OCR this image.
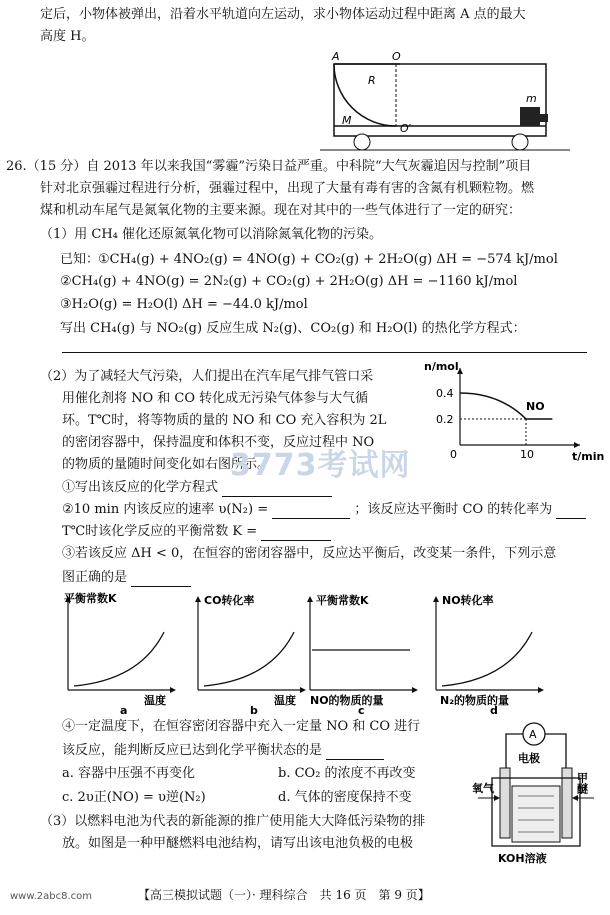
定后，小物体被弹出，沿着水平轨道向左运动，求小物体运动过程中距离 A 点的最大
高度 H。
A	O
R
M
O′
m
26.（15 分）自 2013 年以来我国“雾霾”污染日益严重。中科院“大气灰霾追因与控制”项目
针对北京强霾过程进行分析，强霾过程中，出现了大量有毒有害的含氮有机颗粒物。燃
煤和机动车尾气是氮氧化物的主要来源。现在对其中的一些气体进行了一定的研究：
（1）用 CH₄ 催化还原氮氧化物可以消除氮氧化物的污染。
已知：
①CH₄(g) + 4NO₂(g) = 4NO(g) + CO₂(g) + 2H₂O(g) ΔH = −574 kJ/mol
②CH₄(g) + 4NO(g) = 2N₂(g) + CO₂(g) + 2H₂O(g) ΔH = −1160 kJ/mol
③H₂O(g) = H₂O(l) ΔH = −44.0 kJ/mol
写出 CH₄(g) 与 NO₂(g) 反应生成 N₂(g)、CO₂(g) 和 H₂O(l) 的热化学方程式：
（2）为了减轻大气污染，人们提出在汽车尾气排气管口采
用催化剂将 NO 和 CO 转化成无污染气体参与大气循
环。T℃时，将等物质的量的 NO 和 CO 充入容积为 2L
的密闭容器中，保持温度和体积不变，反应过程中 NO
的物质的量随时间变化如右图所示。
n/mol
t/min
0
0.4
0.2
10
NO
3773考试网
①写出该反应的化学方程式
②10 min 内该反应的速率 υ(N₂) =	；该反应达平衡时 CO 的转化率为
T℃时该化学反应的平衡常数 K =
③若该反应 ΔH < 0，在恒容的密闭容器中，反应达平衡后，改变某一条件，下列示意
图正确的是
平衡常数K
温度
a
CO转化率
温度
b
平衡常数K
NO的物质的量
c
NO转化率
N₂的物质的量
d
④一定温度下，在恒容密闭容器中充入一定量 NO 和 CO 进行
该反应，能判断反应已达到化学平衡状态的是
a. 容器中压强不再变化	b. CO₂ 的浓度不再改变
c. 2υ正(NO) = υ逆(N₂)	d. 气体的密度保持不变
（3）以燃料电池为代表的新能源的推广使用能大大降低污染物的排
放。如图是一种甲醚燃料电池结构，请写出该电池负极的电极
A
电极
氧气	甲醚
KOH溶液
www.2abc8.com	【高三模拟试题（一）· 理科综合　共 16 页　第 9 页】
